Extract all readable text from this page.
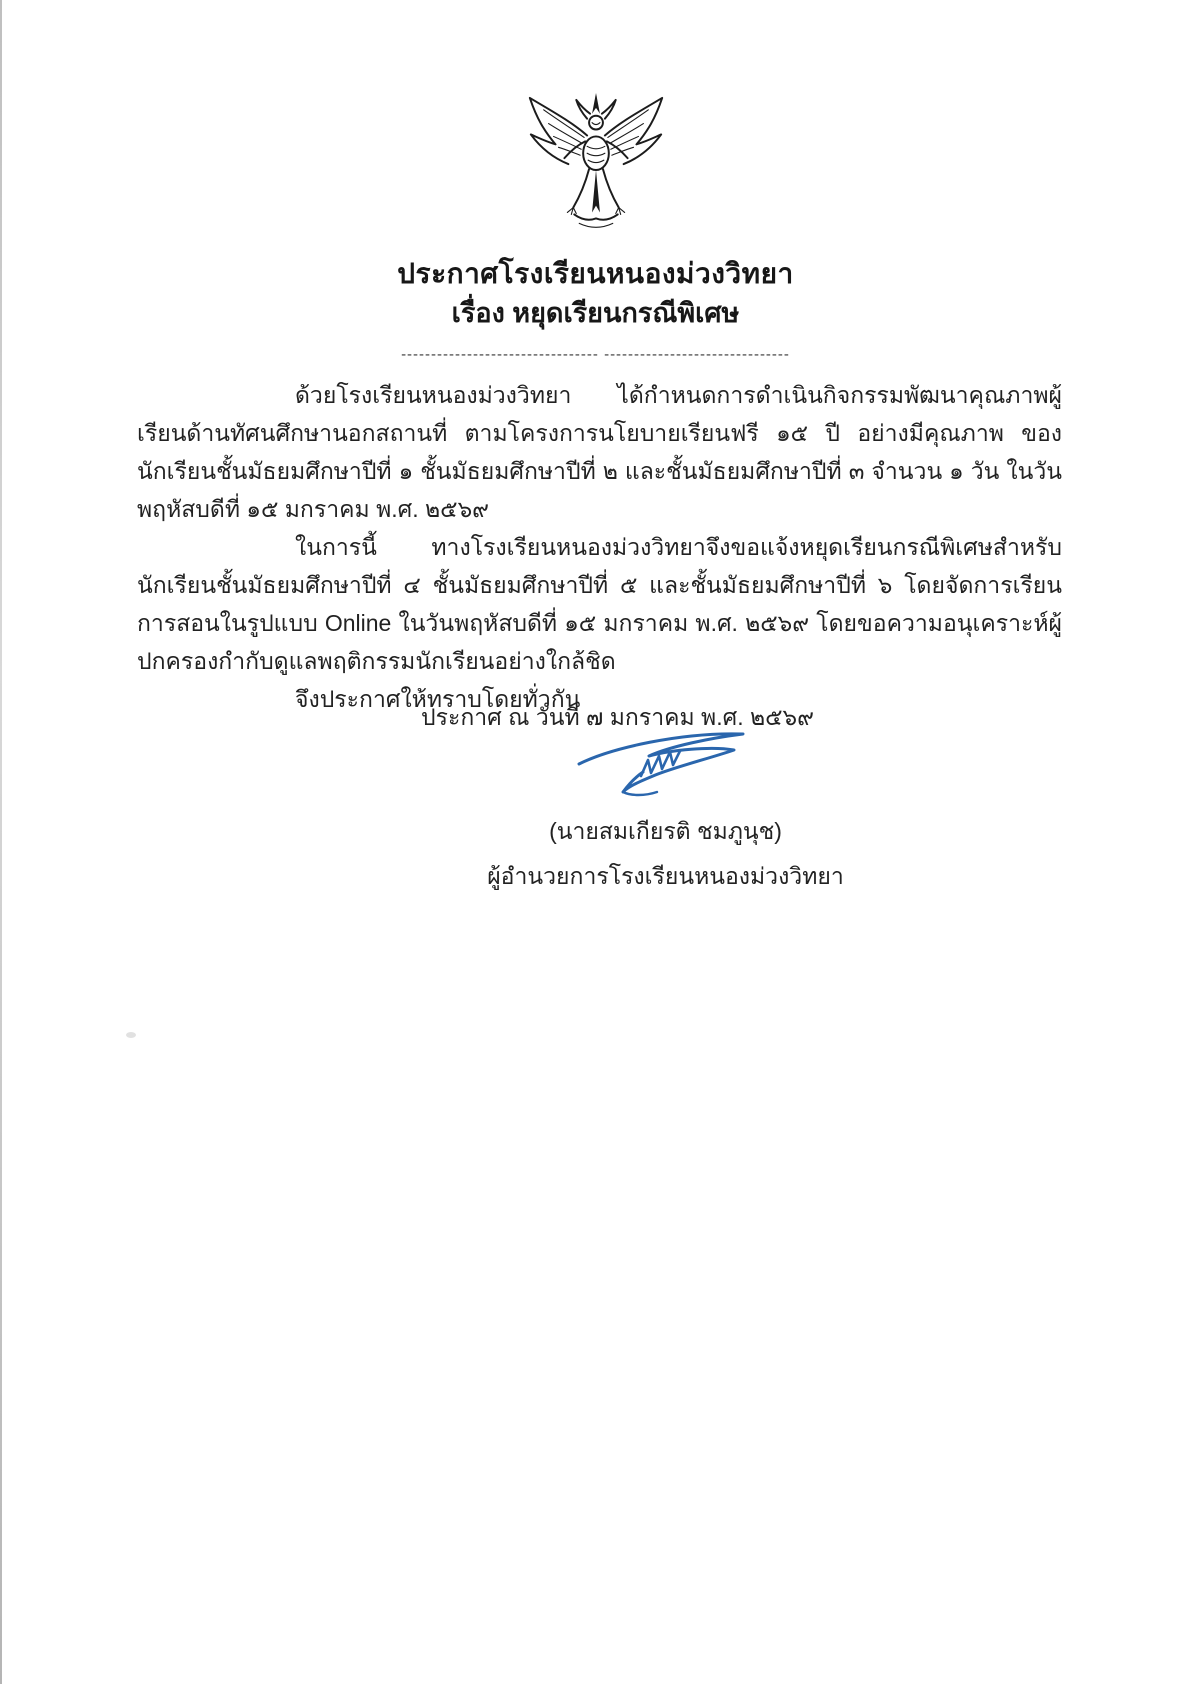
ประกาศโรงเรียนหนองม่วงวิทยา
เรื่อง หยุดเรียนกรณีพิเศษ
--------------------------------- -------------------------------

ด้วยโรงเรียนหนองม่วงวิทยา ได้กำหนดการดำเนินกิจกรรมพัฒนาคุณภาพผู้เรียนด้านทัศนศึกษานอกสถานที่ ตามโครงการนโยบายเรียนฟรี ๑๕ ปี อย่างมีคุณภาพ ของนักเรียนชั้นมัธยมศึกษาปีที่ ๑ ชั้นมัธยมศึกษาปีที่ ๒ และชั้นมัธยมศึกษาปีที่ ๓ จำนวน ๑ วัน ในวันพฤหัสบดีที่ ๑๕ มกราคม พ.ศ. ๒๕๖๙

ในการนี้ ทางโรงเรียนหนองม่วงวิทยาจึงขอแจ้งหยุดเรียนกรณีพิเศษสำหรับนักเรียนชั้นมัธยมศึกษาปีที่ ๔ ชั้นมัธยมศึกษาปีที่ ๕ และชั้นมัธยมศึกษาปีที่ ๖ โดยจัดการเรียนการสอนในรูปแบบ Online ในวันพฤหัสบดีที่ ๑๕ มกราคม พ.ศ. ๒๕๖๙ โดยขอความอนุเคราะห์ผู้ปกครองกำกับดูแลพฤติกรรมนักเรียนอย่างใกล้ชิด

จึงประกาศให้ทราบโดยทั่วกัน

ประกาศ ณ วันที่ ๗ มกราคม พ.ศ. ๒๕๖๙
(นายสมเกียรติ ชมภูนุช)
ผู้อำนวยการโรงเรียนหนองม่วงวิทยา
